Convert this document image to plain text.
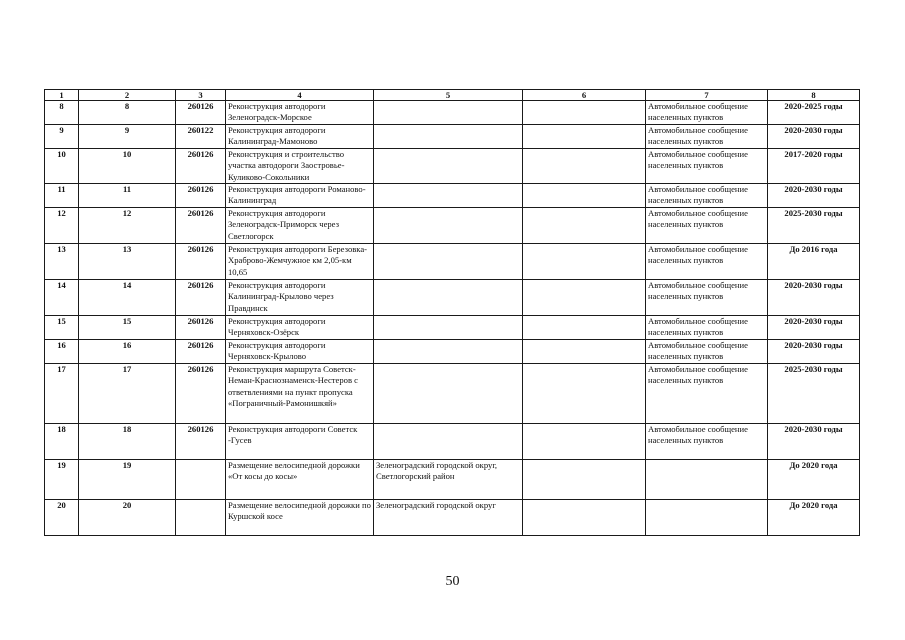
1	2	3	4	5	6	7	8
8	8	260126	Реконструкция автодороги Зеленоградск-Морское			Автомобильное сообщение населенных пунктов	2020-2025 годы
9	9	260122	Реконструкция автодороги Калининград-Мамоново			Автомобильное сообщение населенных пунктов	2020-2030 годы
10	10	260126	Реконструкция и строительство участка автодороги Заостровье-Куликово-Сокольники			Автомобильное сообщение населенных пунктов	2017-2020 годы
11	11	260126	Реконструкция автодороги Романово-Калининград			Автомобильное сообщение населенных пунктов	2020-2030 годы
12	12	260126	Реконструкция автодороги Зеленоградск-Приморск через Светлогорск			Автомобильное сообщение населенных пунктов	2025-2030 годы
13	13	260126	Реконструкция автодороги Березовка-Храброво-Жемчужное км 2,05-км 10,65			Автомобильное сообщение населенных пунктов	До 2016 года
14	14	260126	Реконструкция автодороги Калининград-Крылово через Правдинск			Автомобильное сообщение населенных пунктов	2020-2030 годы
15	15	260126	Реконструкция автодороги Черняховск-Озёрск			Автомобильное сообщение населенных пунктов	2020-2030 годы
16	16	260126	Реконструкция автодороги Черняховск-Крылово			Автомобильное сообщение населенных пунктов	2020-2030 годы
17	17	260126	Реконструкция маршрута Советск-Неман-Краснознаменск-Нестеров с ответвлениями на пункт пропуска «Пограничный-Рамонишкяй»			Автомобильное сообщение населенных пунктов	2025-2030 годы
18	18	260126	Реконструкция автодороги Советск -Гусев			Автомобильное сообщение населенных пунктов	2020-2030 годы
19	19		Размещение велосипедной дорожки «От косы до косы»	Зеленоградский городской округ, Светлогорский район			До 2020 года
20	20		Размещение велосипедной дорожки по Куршской косе	Зеленоградский городской округ			До 2020 года
50
